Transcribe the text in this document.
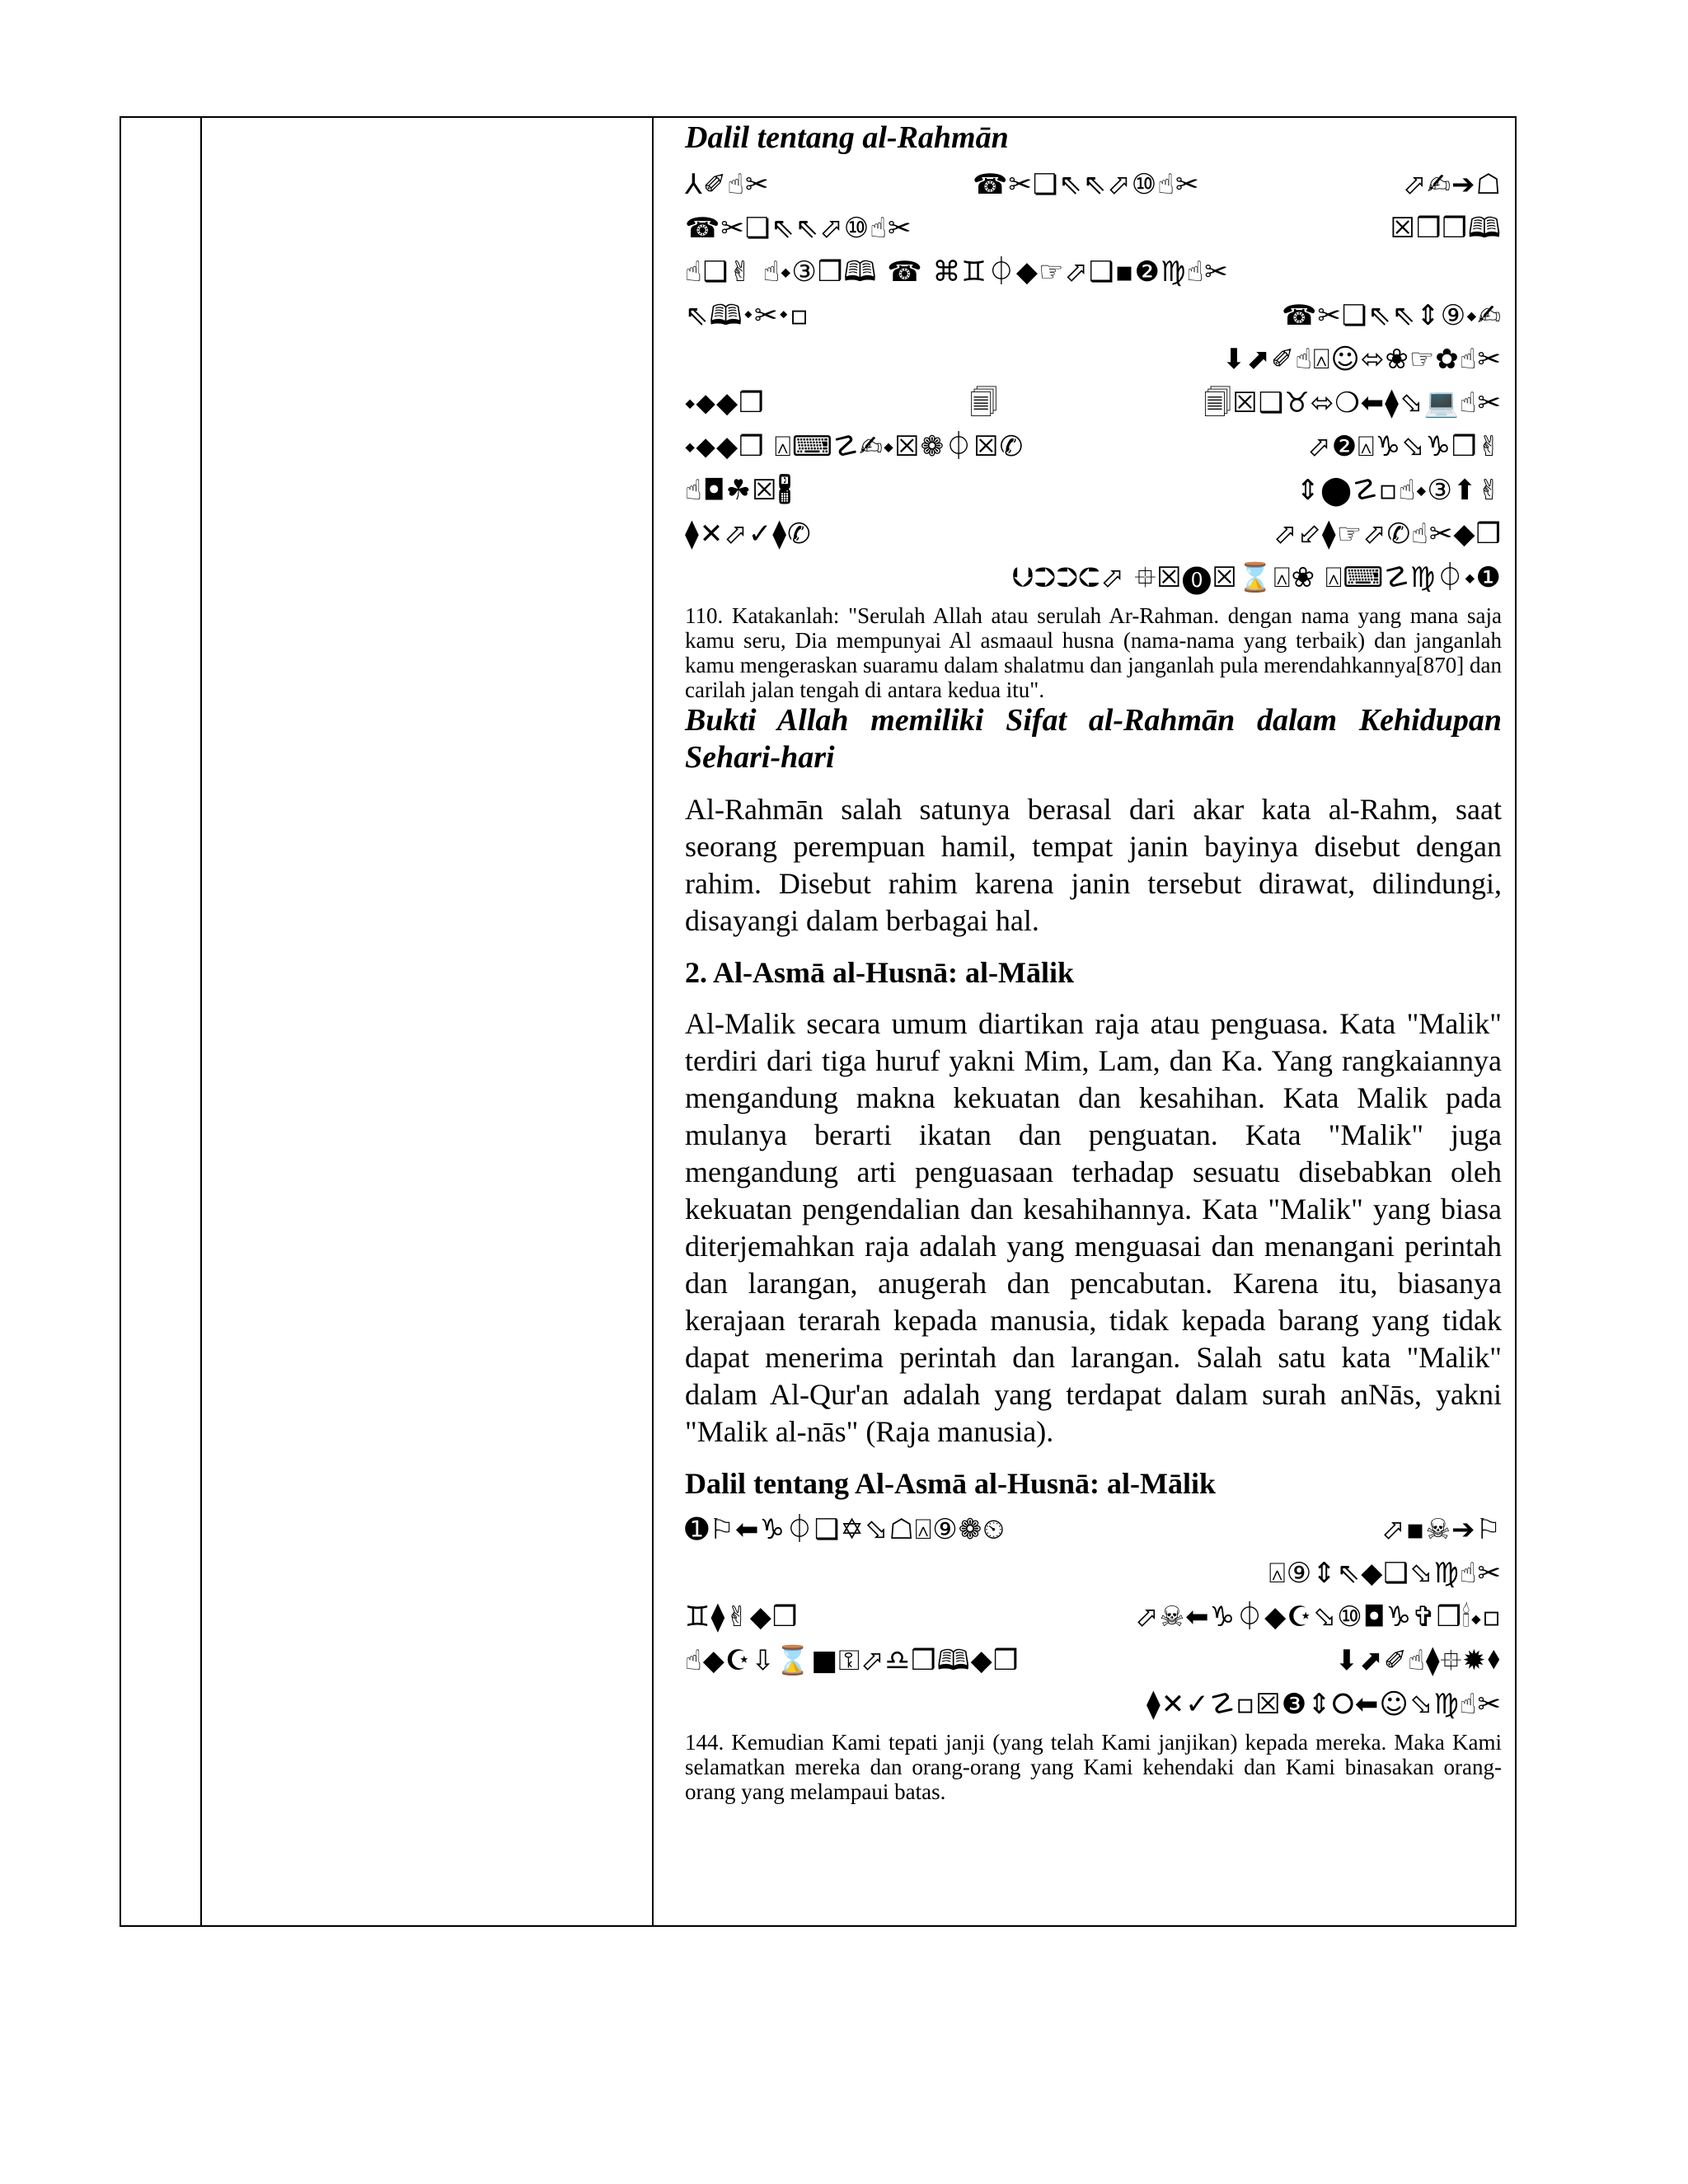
Dalil tentang al-Rahmān
⅄✐☝✂	☎✂❏⇖⇖⬀⑩☝✂	⬀✍➔☖
☎✂❏⇖⇖⬀⑩☝✂	☒❒❒🕮
☝❑✌ ☝⬩③❒🕮 ☎ ⌘♊⏀◆☞⬀❑▪❷♍☝✂
⇖🕮⬩✂⬩▫	☎✂❏⇖⇖⇕⑨⬩✍
⬇⬈✐☝⍓☺⬄❀☞✿☝✂
⬩⬥◆❒	🗐	🗐☒❑♉⬄❍⬅⧫⬂💻☝✂
⬩⬥◆❒ ⍓⌨☡✍⬩☒❁⏀☒✆	⬀❷⍓♑⬂♑❒✌
☝◘☘☒🖁	⇕⬤☡▫☝⬩③⬆✌
⧫✕⬀✓⧫✆	⬀⬃⧫☞⬀✆☝✂◆❒
⮋⮊⮊⮈⬀ ⯐☒⓿☒⌛⍓❀ ⍓⌨☡♍⏀⬩❶

110. Katakanlah: "Serulah Allah atau serulah Ar-Rahman. dengan nama yang mana saja kamu seru, Dia mempunyai Al asmaaul husna (nama-nama yang terbaik) dan janganlah kamu mengeraskan suaramu dalam shalatmu dan janganlah pula merendahkannya[870] dan carilah jalan tengah di antara kedua itu".

Bukti Allah memiliki Sifat al-Rahmān dalam Kehidupan Sehari-hari

Al-Rahmān salah satunya berasal dari akar kata al-Rahm, saat seorang perempuan hamil, tempat janin bayinya disebut dengan rahim. Disebut rahim karena janin tersebut dirawat, dilindungi, disayangi dalam berbagai hal.

2. Al-Asmā al-Husnā: al-Mālik

Al-Malik secara umum diartikan raja atau penguasa. Kata "Malik" terdiri dari tiga huruf yakni Mim, Lam, dan Ka. Yang rangkaiannya mengandung makna kekuatan dan kesahihan. Kata Malik pada mulanya berarti ikatan dan penguatan. Kata "Malik" juga mengandung arti penguasaan terhadap sesuatu disebabkan oleh kekuatan pengendalian dan kesahihannya. Kata "Malik" yang biasa diterjemahkan raja adalah yang menguasai dan menangani perintah dan larangan, anugerah dan pencabutan. Karena itu, biasanya kerajaan terarah kepada manusia, tidak kepada barang yang tidak dapat menerima perintah dan larangan. Salah satu kata "Malik" dalam Al-Qur'an adalah yang terdapat dalam surah anNās, yakni "Malik al-nās" (Raja manusia).

Dalil tentang Al-Asmā al-Husnā: al-Mālik
➊⚐⬅♑⏀❑✡⬂☖⍓⑨❁⏲	⬀▪☠➔⚐
⍓⑨⇕⇖◆❑⬂♍☝✂
♊⧫✌◆❒	⬀☠⬅♑⏀◆☪⬂⑩◘♑✞❒🕯⬩▫
☝◆☪⇩⌛■⚿⬀♎❒🕮◆❒	⬇⬈✐☝⧫⯐✹⬧
⧫✕✓☡▫☒❸⇕⭘⬅☺⬂♍☝✂

144. Kemudian Kami tepati janji (yang telah Kami janjikan) kepada mereka. Maka Kami selamatkan mereka dan orang-orang yang Kami kehendaki dan Kami binasakan orang-orang yang melampaui batas.
